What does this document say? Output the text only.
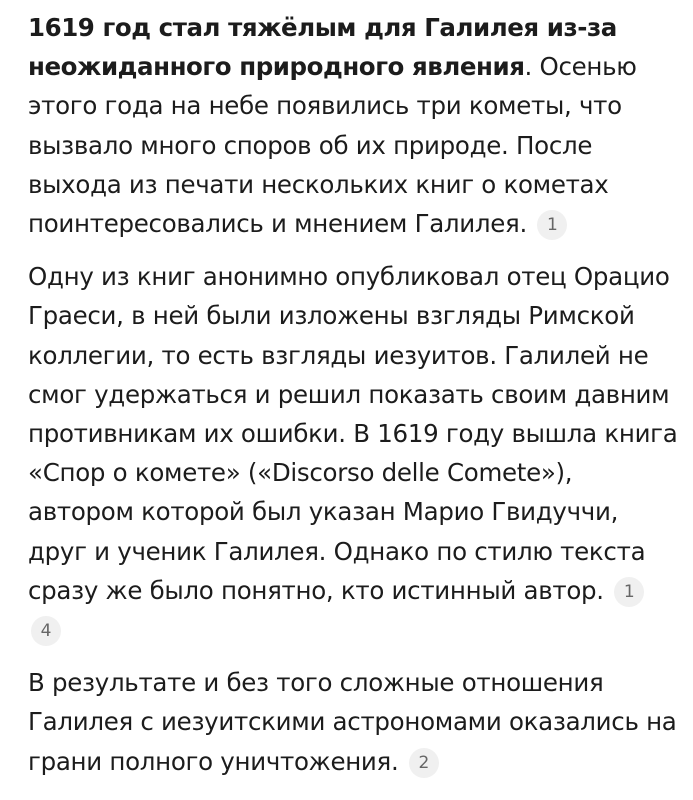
1619 год стал тяжёлым для Галилея из-за неожиданного природного явления. Осенью этого года на небе появились три кометы, что вызвало много споров об их природе. После выхода из печати нескольких книг о кометах поинтересовались и мнением Галилея. 1

Одну из книг анонимно опубликовал отец Орацио Граеси, в ней были изложены взгляды Римской коллегии, то есть взгляды иезуитов. Галилей не смог удержаться и решил показать своим давним противникам их ошибки. В 1619 году вышла книга «Спор о комете» («Discorso delle Comete»), автором которой был указан Марио Гвидуччи, друг и ученик Галилея. Однако по стилю текста сразу же было понятно, кто истинный автор. 1 4

В результате и без того сложные отношения Галилея с иезуитскими астрономами оказались на грани полного уничтожения. 2
